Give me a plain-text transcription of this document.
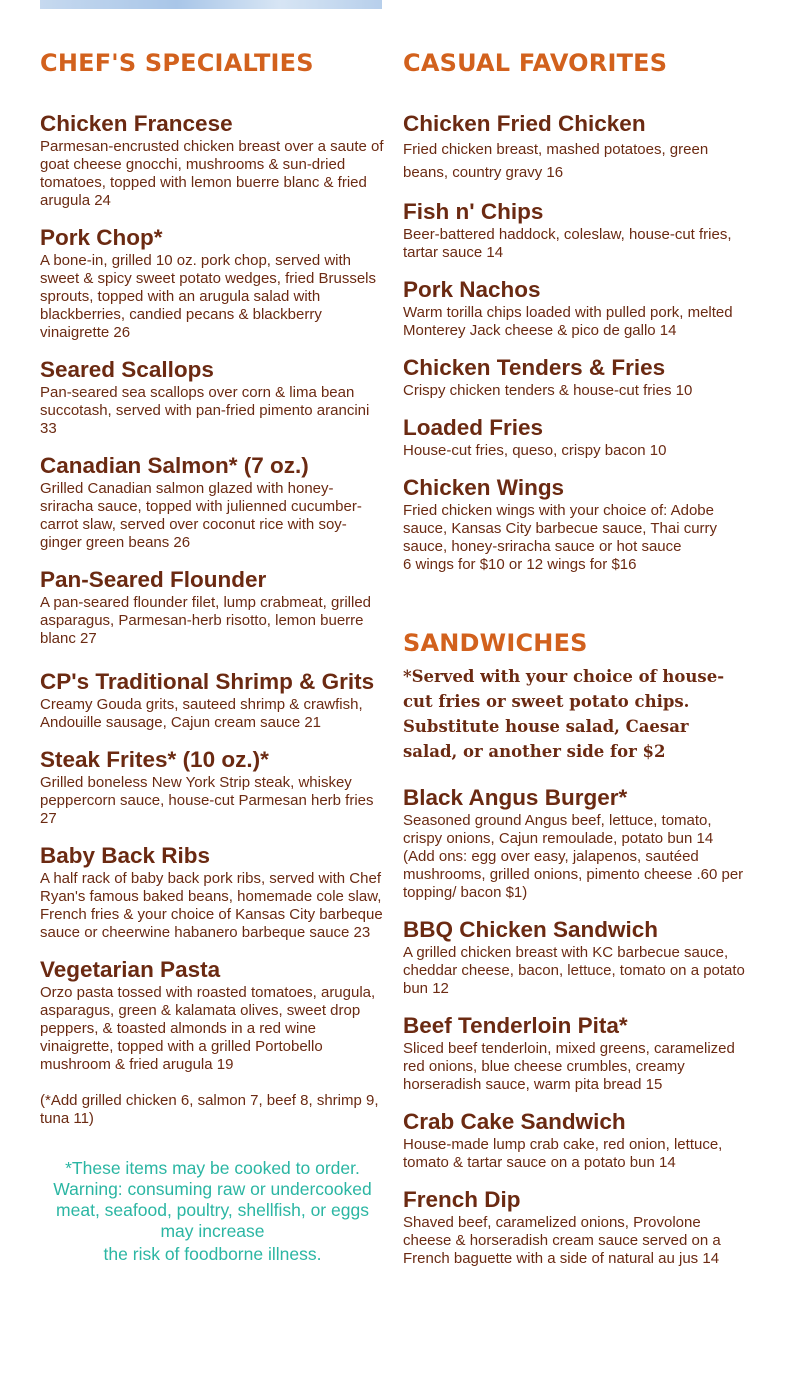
CHEF'S SPECIALTIES
Chicken Francese
Parmesan-encrusted chicken breast over a saute of goat cheese gnocchi, mushrooms & sun-dried tomatoes, topped with lemon buerre blanc & fried arugula 24
Pork Chop*
A bone-in, grilled 10 oz. pork chop, served with sweet & spicy sweet potato wedges, fried Brussels sprouts, topped with an arugula salad with blackberries, candied pecans & blackberry vinaigrette 26
Seared Scallops
Pan-seared sea scallops over corn & lima bean succotash, served with pan-fried pimento arancini 33
Canadian Salmon* (7 oz.)
Grilled Canadian salmon glazed with honey-sriracha sauce, topped with julienned cucumber-carrot slaw, served over coconut rice with soy-ginger green beans 26
Pan-Seared Flounder
A pan-seared flounder filet, lump crabmeat, grilled asparagus, Parmesan-herb risotto, lemon buerre blanc 27
CP's Traditional Shrimp & Grits
Creamy Gouda grits, sauteed shrimp & crawfish, Andouille sausage, Cajun cream sauce 21
Steak Frites* (10 oz.)*
Grilled boneless New York Strip steak, whiskey peppercorn sauce, house-cut Parmesan herb fries 27
Baby Back Ribs
A half rack of baby back pork ribs, served with Chef Ryan's famous baked beans, homemade cole slaw, French fries & your choice of Kansas City barbeque sauce or cheerwine habanero barbeque sauce 23
Vegetarian Pasta
Orzo pasta tossed with roasted tomatoes, arugula, asparagus, green & kalamata olives, sweet drop peppers, & toasted almonds in a red wine vinaigrette, topped with a grilled Portobello mushroom & fried arugula 19
(*Add grilled chicken 6, salmon 7, beef 8, shrimp 9, tuna 11)
*These items may be cooked to order.
Warning: consuming raw or undercooked meat, seafood, poultry, shellfish, or eggs may increase
the risk of foodborne illness.
CASUAL FAVORITES
Chicken Fried Chicken
Fried chicken breast, mashed potatoes, green beans, country gravy 16
Fish n' Chips
Beer-battered haddock, coleslaw, house-cut fries, tartar sauce 14
Pork Nachos
Warm torilla chips loaded with pulled pork, melted Monterey Jack cheese & pico de gallo 14
Chicken Tenders & Fries
Crispy chicken tenders & house-cut fries 10
Loaded Fries
House-cut fries, queso, crispy bacon 10
Chicken Wings
Fried chicken wings with your choice of: Adobe sauce, Kansas City barbecue sauce, Thai curry sauce, honey-sriracha sauce or hot sauce
6 wings for $10 or 12 wings for $16
SANDWICHES
*Served with your choice of house-cut fries or sweet potato chips. Substitute house salad, Caesar salad, or another side for $2
Black Angus Burger*
Seasoned ground Angus beef, lettuce, tomato, crispy onions, Cajun remoulade, potato bun 14 (Add ons: egg over easy, jalapenos, sautéed mushrooms, grilled onions, pimento cheese .60 per topping/ bacon $1)
BBQ Chicken Sandwich
A grilled chicken breast with KC barbecue sauce, cheddar cheese, bacon, lettuce, tomato on a potato bun 12
Beef Tenderloin Pita*
Sliced beef tenderloin, mixed greens, caramelized red onions, blue cheese crumbles, creamy horseradish sauce, warm pita bread 15
Crab Cake Sandwich
House-made lump crab cake, red onion, lettuce, tomato & tartar sauce on a potato bun 14
French Dip
Shaved beef, caramelized onions, Provolone cheese & horseradish cream sauce served on a French baguette with a side of natural au jus 14
